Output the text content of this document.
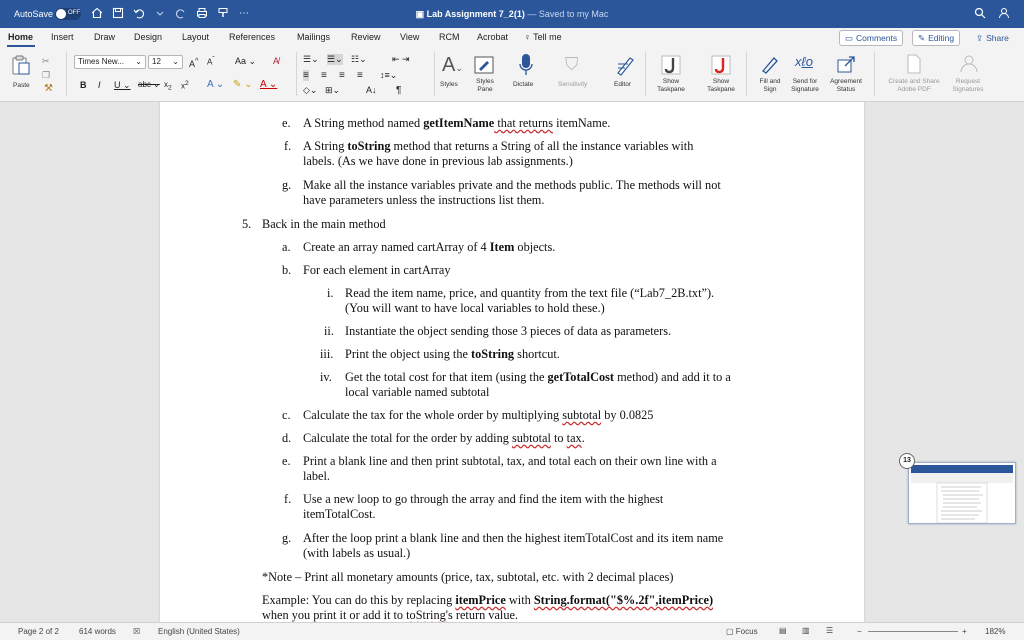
AutoSave OFF	⋯	▣ Lab Assignment 7_2(1) — Saved to my Mac
Home Insert Draw Design Layout References Mailings Review View RCM Acrobat ♀ Tell me	▭ Comments ✎ Editing	⇪ Share
Paste
✂
❐
⚒
Times New... ⌄	12 ⌄ A^ $A^ˇ$ Aa ⌄ A̸
B I U ⌄ abc ⌄ $x_2$ $x^2$ A ⌄ ✎ ⌄ A ⌄
☰⌄ ☰⌄ ☷⌄	⇤ ⇥
≡ ≡ ≡ ≡ ↕≡⌄
◇⌄ ⊞⌄	A↓ ¶
A⌄
Styles	Styles Pane
Dictate
⛉
Sensitivity	Editor	Show Taskpane
Show Taskpane
Fill and Sign
xℓo
Send for Signature
Agreement Status
Create and Share Adobe PDF
Request Signatures
e. A String method named getItemName that returns itemName.
f. A String toString method that returns a String of all the instance variables with
labels. (As we have done in previous lab assignments.)
g. Make all the instance variables private and the methods public. The methods will not
have parameters unless the instructions list them.
5. Back in the main method
a. Create an array named cartArray of 4 Item objects.
b. For each element in cartArray
i. Read the item name, price, and quantity from the text file (“Lab7_2B.txt”).
(You will want to have local variables to hold these.)
ii. Instantiate the object sending those 3 pieces of data as parameters.
iii. Print the object using the toString shortcut.
iv. Get the total cost for that item (using the getTotalCost method) and add it to a
local variable named subtotal
c. Calculate the tax for the whole order by multiplying subtotal by 0.0825
d. Calculate the total for the order by adding subtotal to tax.
e. Print a blank line and then print subtotal, tax, and total each on their own line with a
label.
f. Use a new loop to go through the array and find the item with the highest
itemTotalCost.
g. After the loop print a blank line and then the highest itemTotalCost and its item name
(with labels as usual.)
*Note – Print all monetary amounts (price, tax, subtotal, etc. with 2 decimal places)
Example: You can do this by replacing itemPrice with String.format("$%.2f",itemPrice)
when you print it or add it to toString's return value.
13
Page 2 of 2	614 words ☒ English (United States)	▢ Focus	▤ ▥ ☰	−	+ 182%
